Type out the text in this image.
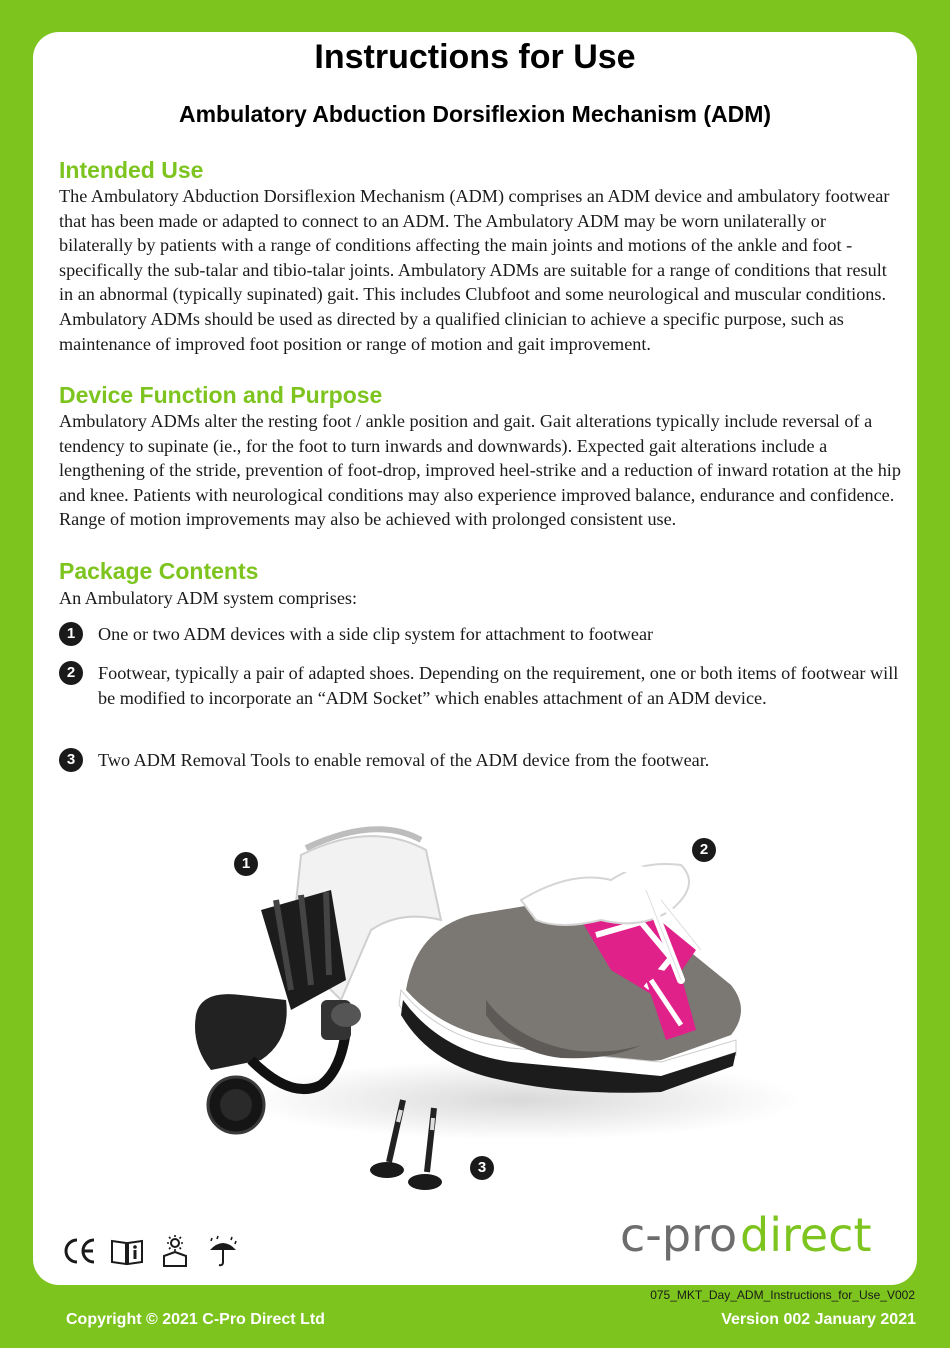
Instructions for Use
Ambulatory Abduction Dorsiflexion Mechanism (ADM)
Intended Use

The Ambulatory Abduction Dorsiflexion Mechanism (ADM) comprises an ADM device and ambulatory footwear that has been made or adapted to connect to an ADM. The Ambulatory ADM may be worn unilaterally or bilaterally by patients with a range of conditions affecting the main joints and motions of the ankle and foot - specifically the sub-talar and tibio-talar joints. Ambulatory ADMs are suitable for a range of conditions that result in an abnormal (typically supinated) gait. This includes Clubfoot and some neurological and muscular conditions. Ambulatory ADMs should be used as directed by a qualified clinician to achieve a specific purpose, such as maintenance of improved foot position or range of motion and gait improvement.

Device Function and Purpose

Ambulatory ADMs alter the resting foot / ankle position and gait. Gait alterations typically include reversal of a tendency to supinate (ie., for the foot to turn inwards and downwards). Expected gait alterations include a lengthening of the stride, prevention of foot-drop, improved heel-strike and a reduction of inward rotation at the hip and knee. Patients with neurological conditions may also experience improved balance, endurance and confidence. Range of motion improvements may also be achieved with prolonged consistent use.

Package Contents

An Ambulatory ADM system comprises:

1	One or two ADM devices with a side clip system for attachment to footwear
2	Footwear, typically a pair of adapted shoes. Depending on the requirement, one or both items of footwear will be modified to incorporate an “ADM Socket” which enables attachment of an ADM device.
3	Two ADM Removal Tools to enable removal of the ADM device from the footwear.
1
2
3
c-pro direct
075_MKT_Day_ADM_Instructions_for_Use_V002
Copyright © 2021 C-Pro Direct Ltd	Version 002 January 2021
